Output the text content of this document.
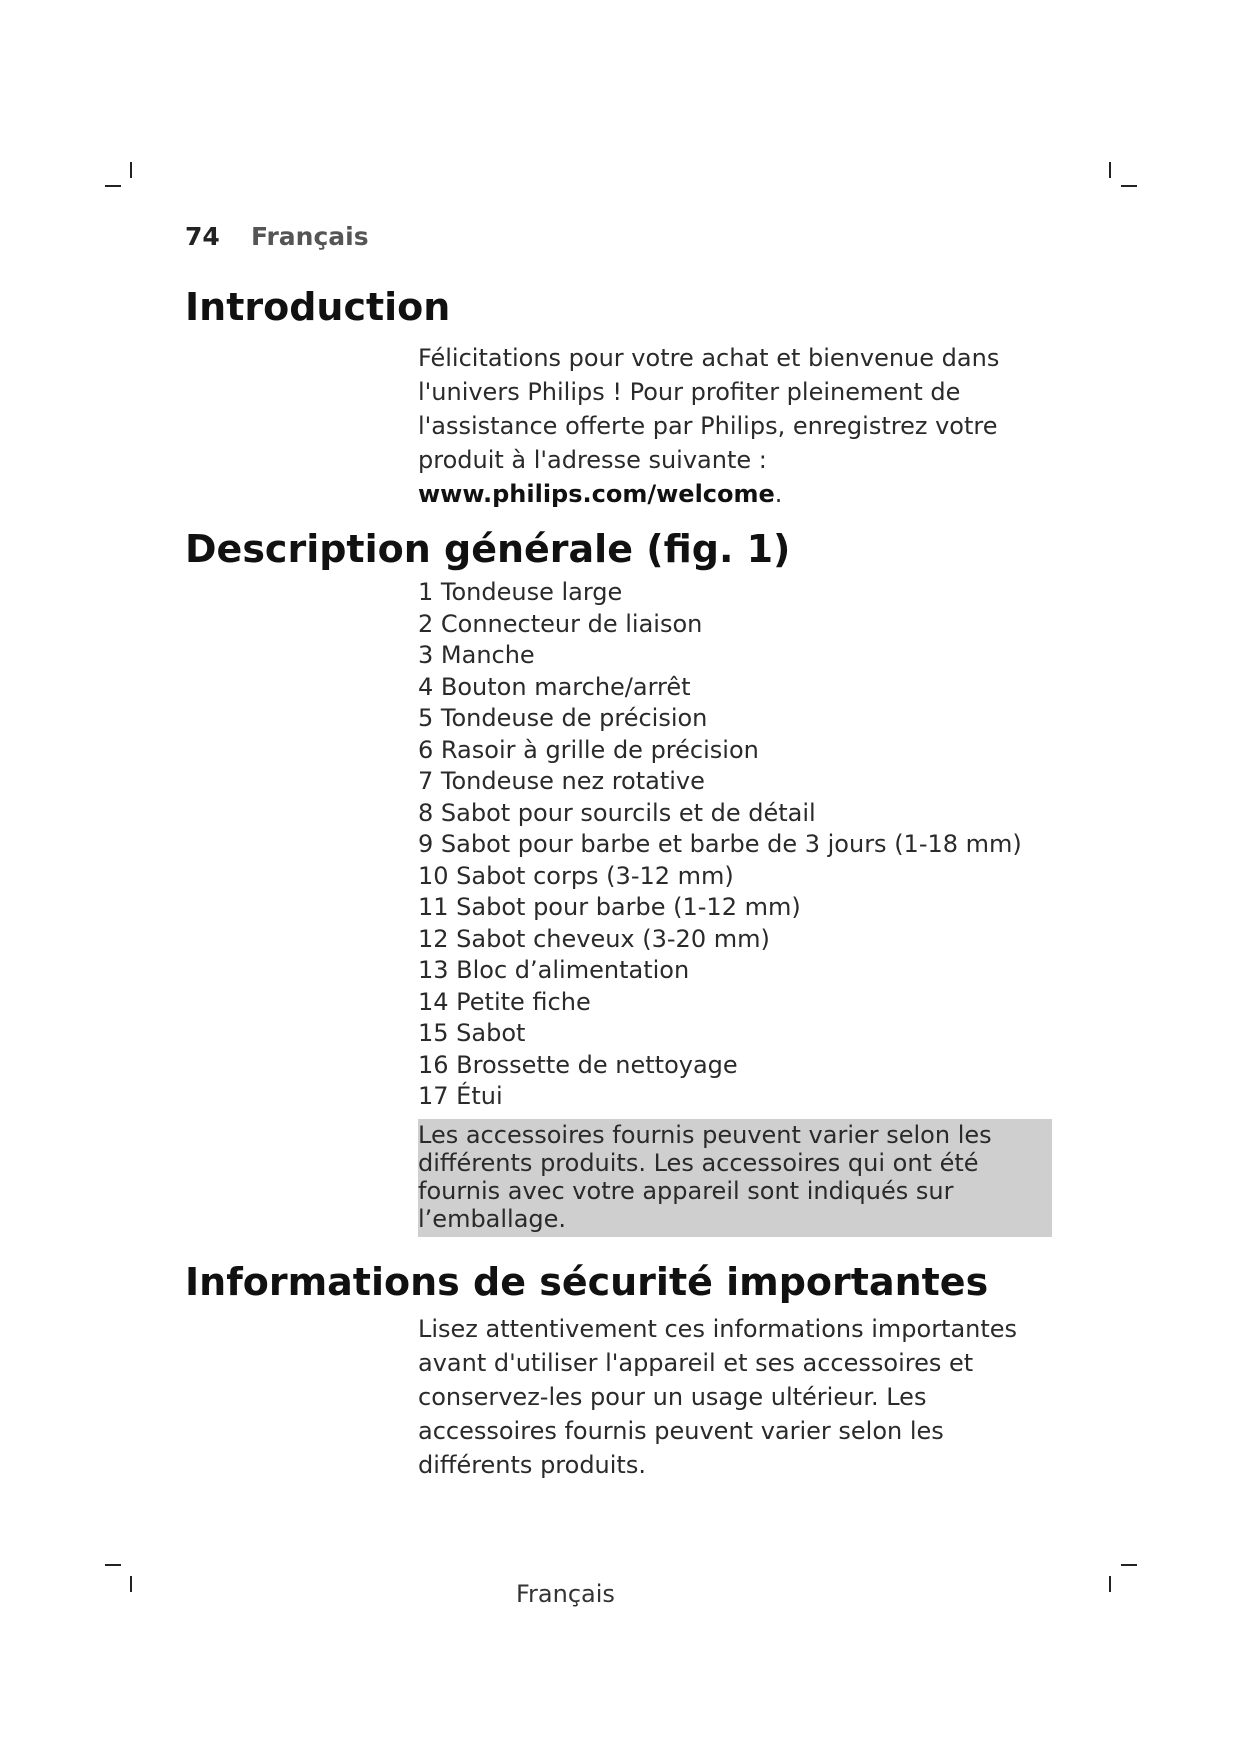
74	Français
Introduction

Félicitations pour votre achat et bienvenue dans l'univers Philips ! Pour profiter pleinement de l'assistance offerte par Philips, enregistrez votre produit à l'adresse suivante :
www.philips.com/welcome.

Description générale (fig. 1)
1 Tondeuse large
2 Connecteur de liaison
3 Manche
4 Bouton marche/arrêt
5 Tondeuse de précision
6 Rasoir à grille de précision
7 Tondeuse nez rotative
8 Sabot pour sourcils et de détail
9 Sabot pour barbe et barbe de 3 jours (1-18 mm)
10 Sabot corps (3-12 mm)
11 Sabot pour barbe (1-12 mm)
12 Sabot cheveux (3-20 mm)
13 Bloc d’alimentation
14 Petite fiche
15 Sabot
16 Brossette de nettoyage
17 Étui
Les accessoires fournis peuvent varier selon les différents produits. Les accessoires qui ont été fournis avec votre appareil sont indiqués sur l’emballage.
Informations de sécurité importantes

Lisez attentivement ces informations importantes avant d'utiliser l'appareil et ses accessoires et conservez-les pour un usage ultérieur. Les accessoires fournis peuvent varier selon les différents produits.

Français
